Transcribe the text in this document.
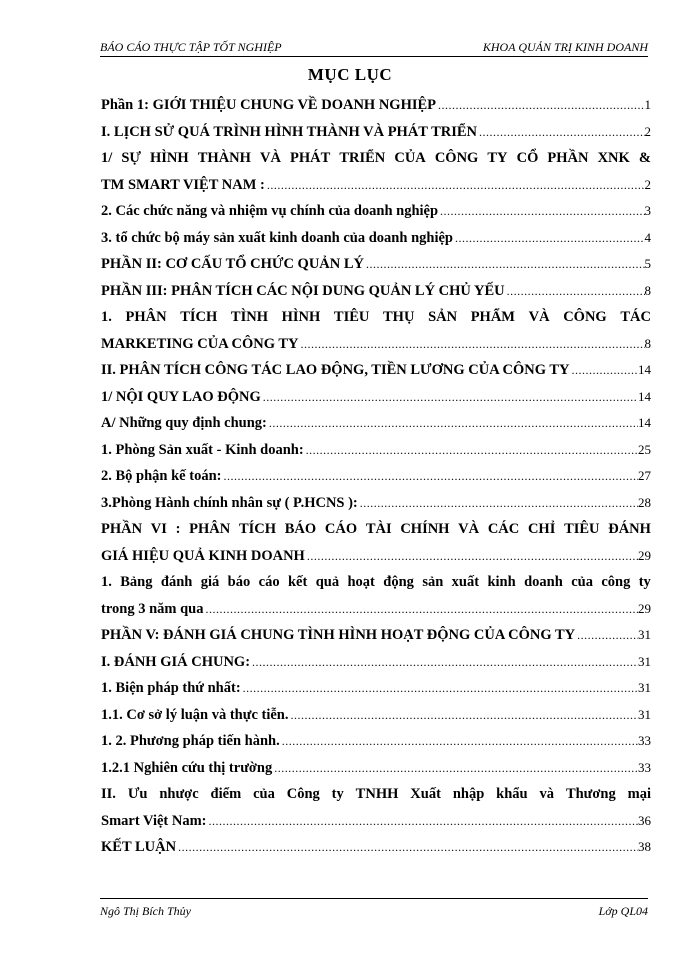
BÁO CÁO THỰC TẬP TỐT NGHIỆP	KHOA QUẢN TRỊ KINH DOANH
MỤC LỤC
Phần 1: GIỚI THIỆU CHUNG VỀ DOANH NGHIỆP .....	1
I. LỊCH SỬ QUÁ TRÌNH HÌNH THÀNH VÀ PHÁT TRIỂN .....	2
1/ SỰ HÌNH THÀNH VÀ PHÁT TRIỂN CỦA CÔNG TY CỔ PHẦN XNK &
TM SMART VIỆT NAM : .....	2
2. Các chức năng và nhiệm vụ chính của doanh nghiệp .....	3
3. tổ chức bộ máy sản xuất kinh doanh của doanh nghiệp .....	4
PHẦN II: CƠ CẤU TỔ CHỨC QUẢN LÝ .....	5
PHẦN III: PHÂN TÍCH CÁC NỘI DUNG QUẢN LÝ CHỦ YẾU .....	8
1. PHÂN TÍCH TÌNH HÌNH TIÊU THỤ SẢN PHẨM VÀ CÔNG TÁC
MARKETING CỦA CÔNG TY .....	8
II. PHÂN TÍCH CÔNG TÁC LAO ĐỘNG, TIỀN LƯƠNG CỦA CÔNG TY .....	14
1/ NỘI QUY LAO ĐỘNG .....	14
A/ Những quy định chung: .....	14
1. Phòng Sản xuất - Kinh doanh: .....	25
2. Bộ phận kế toán: .....	27
3.Phòng Hành chính nhân sự ( P.HCNS ): .....	28
PHẦN VI : PHÂN TÍCH BÁO CÁO TÀI CHÍNH VÀ CÁC CHỈ TIÊU ĐÁNH
GIÁ HIỆU QUẢ KINH DOANH .....	29
1. Bảng đánh giá báo cáo kết quả hoạt động sản xuất kinh doanh của công ty
trong 3 năm qua .....	29
PHẦN V: ĐÁNH GIÁ CHUNG TÌNH HÌNH HOẠT ĐỘNG CỦA CÔNG TY .....	31
I. ĐÁNH GIÁ CHUNG: .....	31
1. Biện pháp thứ nhất: .....	31
1.1. Cơ sở lý luận và thực tiễn. .....	31
1. 2. Phương pháp tiến hành. .....	33
1.2.1 Nghiên cứu thị trường .....	33
II. Ưu nhược điểm của Công ty TNHH Xuất nhập khẩu và Thương mại
Smart Việt Nam: .....	36
KẾT LUẬN .....	38
Ngô Thị Bích Thủy	Lớp QL04
